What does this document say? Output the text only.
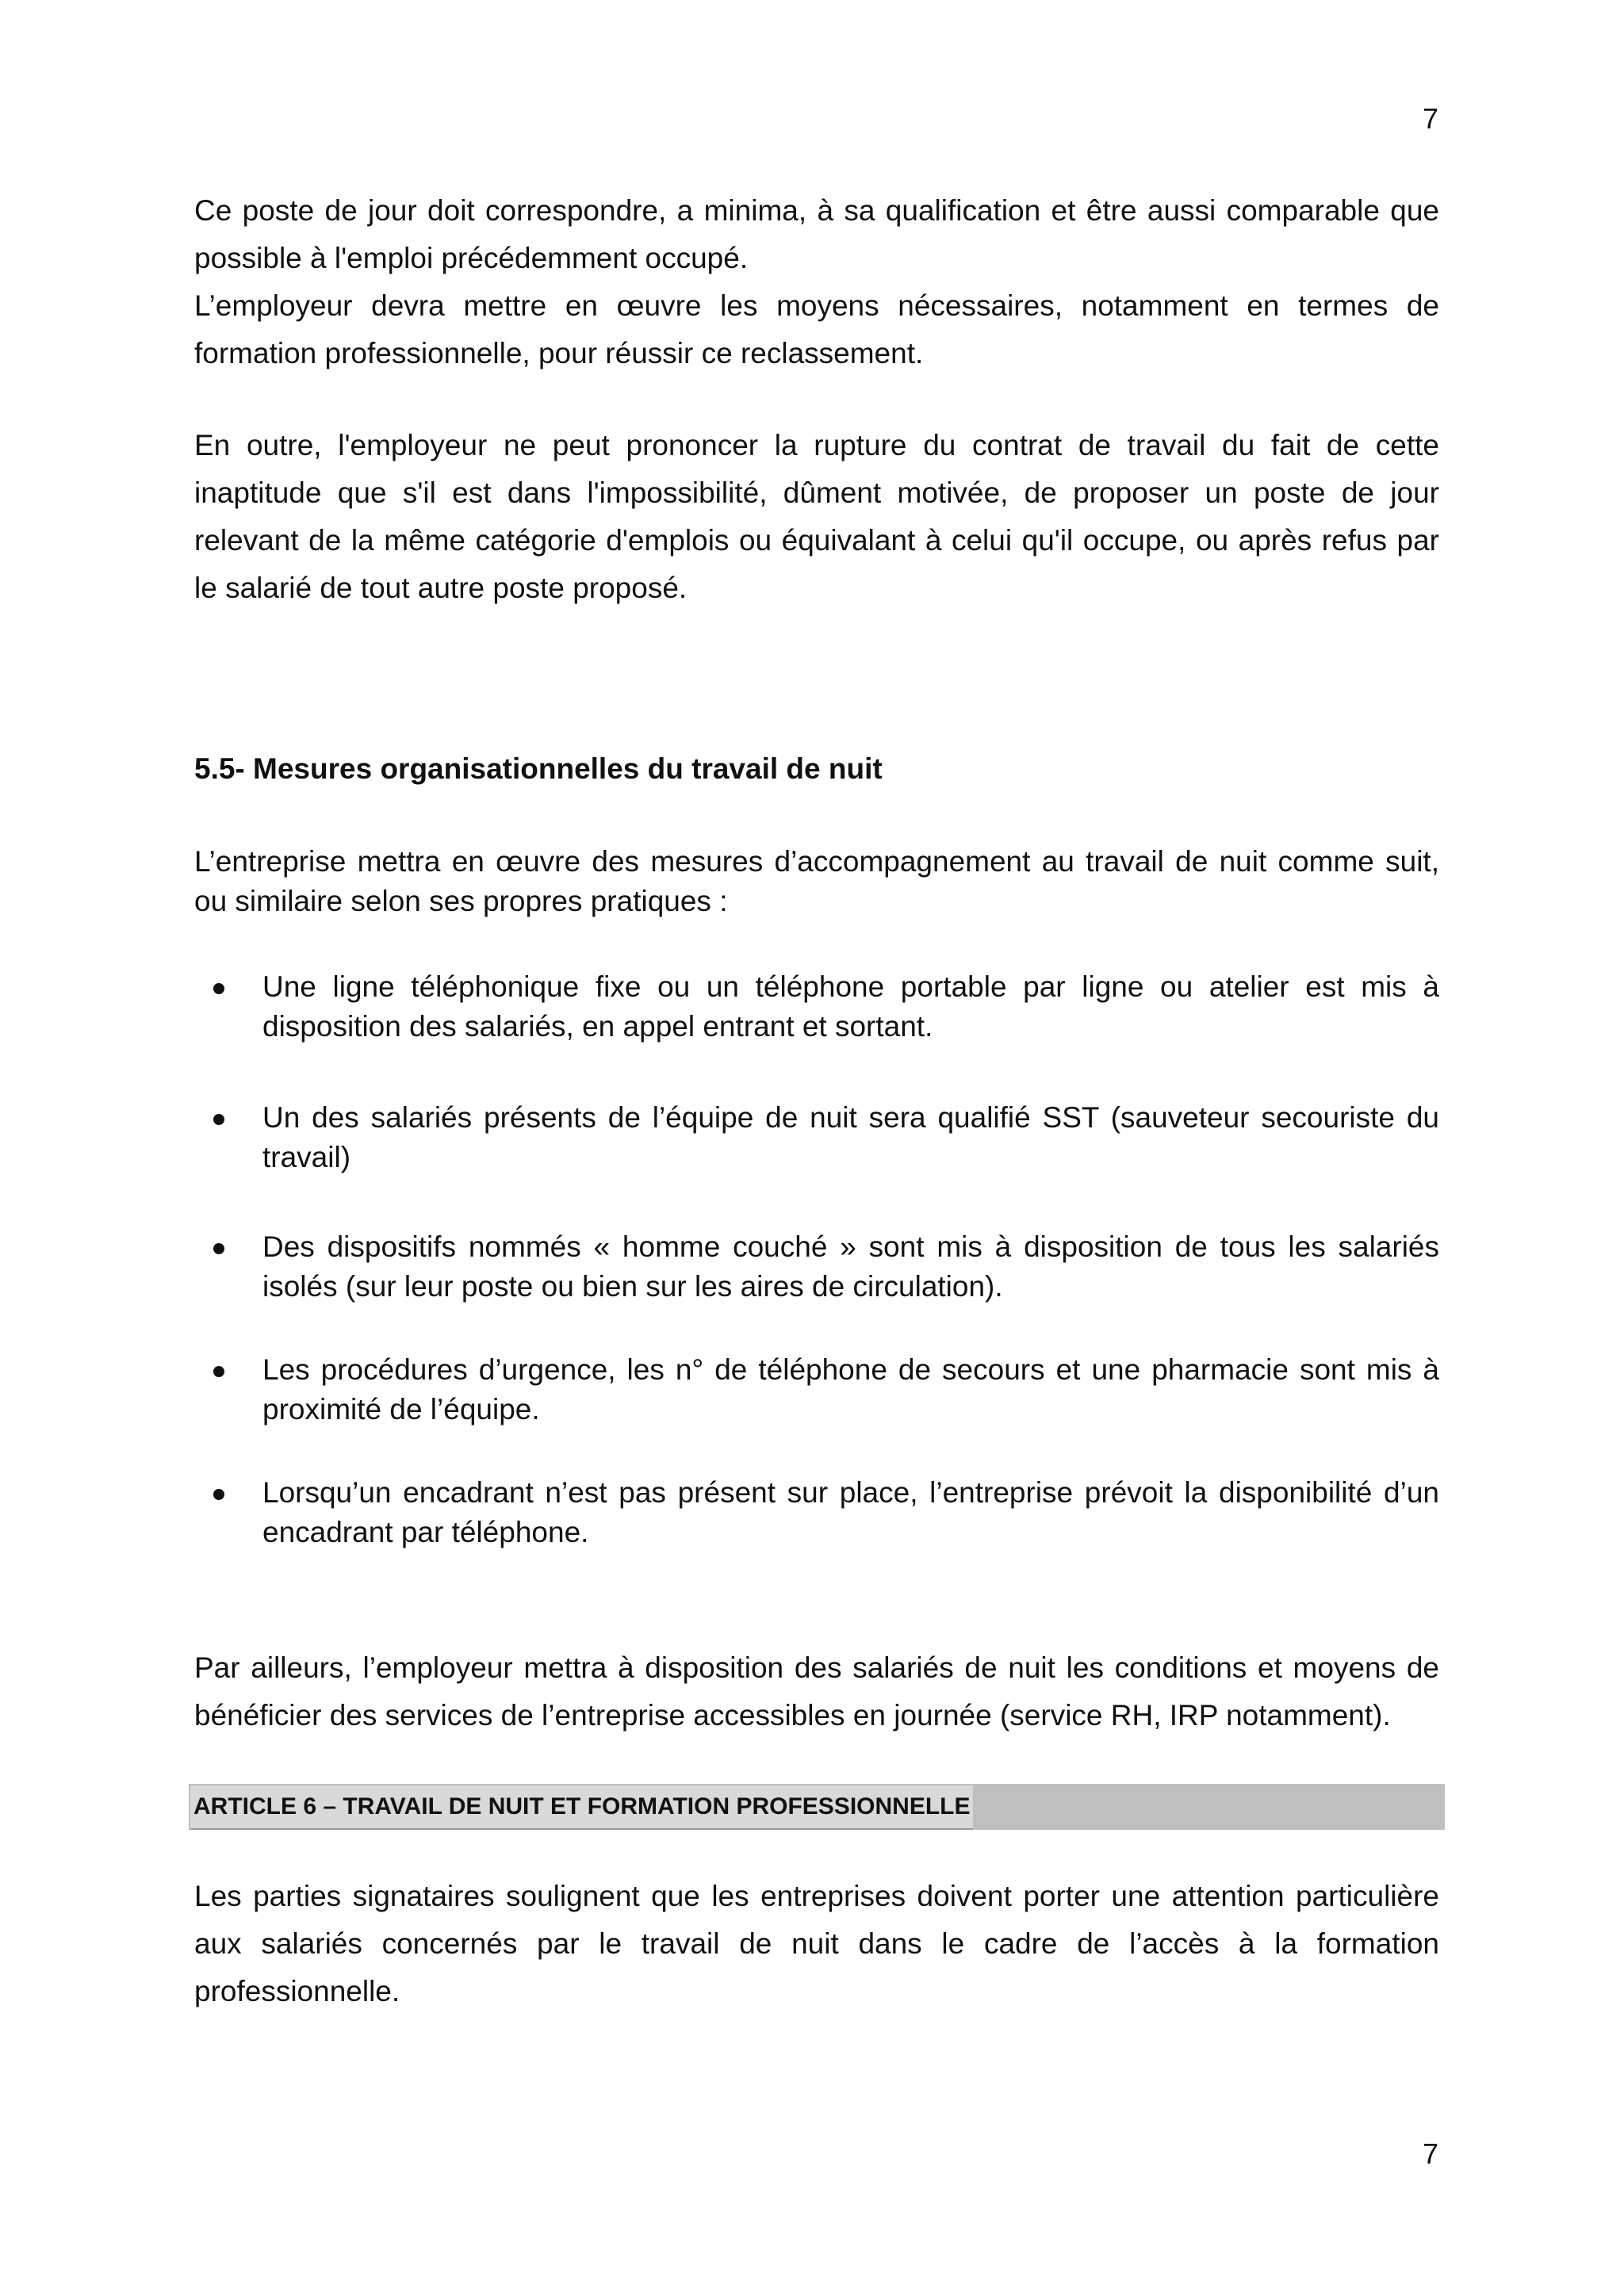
7

Ce poste de jour doit correspondre, a minima, à sa qualification et être aussi comparable que possible à l'emploi précédemment occupé.

L’employeur devra mettre en œuvre les moyens nécessaires, notamment en termes de formation professionnelle, pour réussir ce reclassement.

En outre, l'employeur ne peut prononcer la rupture du contrat de travail du fait de cette inaptitude que s'il est dans l'impossibilité, dûment motivée, de proposer un poste de jour relevant de la même catégorie d'emplois ou équivalant à celui qu'il occupe, ou après refus par le salarié de tout autre poste proposé.

5.5- Mesures organisationnelles du travail de nuit

L’entreprise mettra en œuvre des mesures d’accompagnement au travail de nuit comme suit, ou similaire selon ses propres pratiques :

Une ligne téléphonique fixe ou un téléphone portable par ligne ou atelier est mis à disposition des salariés, en appel entrant et sortant.
Un des salariés présents de l’équipe de nuit sera qualifié SST (sauveteur secouriste du travail)
Des dispositifs nommés « homme couché » sont mis à disposition de tous les salariés isolés (sur leur poste ou bien sur les aires de circulation).
Les procédures d’urgence, les n° de téléphone de secours et une pharmacie sont mis à proximité de l’équipe.
Lorsqu’un encadrant n’est pas présent sur place, l’entreprise prévoit la disponibilité d’un encadrant par téléphone.

Par ailleurs, l’employeur mettra à disposition des salariés de nuit les conditions et moyens de bénéficier des services de l’entreprise accessibles en journée (service RH, IRP notamment).

ARTICLE 6 – TRAVAIL DE NUIT ET FORMATION PROFESSIONNELLE

Les parties signataires soulignent que les entreprises doivent porter une attention particulière aux salariés concernés par le travail de nuit dans le cadre de l’accès à la formation professionnelle.

7
